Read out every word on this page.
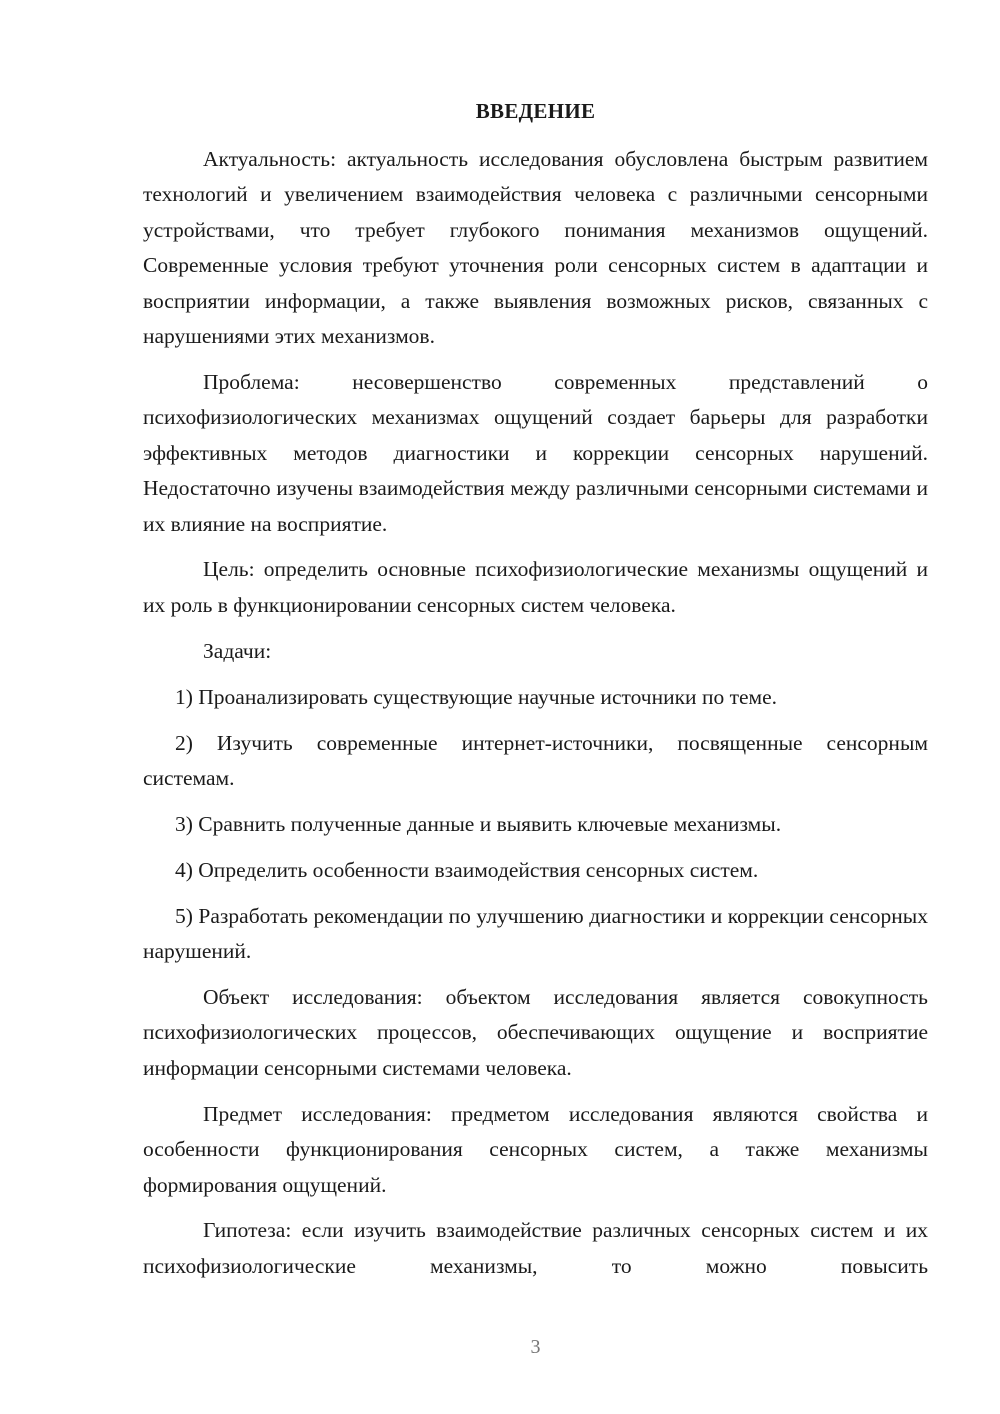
ВВЕДЕНИЕ

Актуальность: актуальность исследования обусловлена быстрым развитием технологий и увеличением взаимодействия человека с различными сенсорными устройствами, что требует глубокого понимания механизмов ощущений. Современные условия требуют уточнения роли сенсорных систем в адаптации и восприятии информации, а также выявления возможных рисков, связанных с нарушениями этих механизмов.

Проблема: несовершенство современных представлений о психофизиологических механизмах ощущений создает барьеры для разработки эффективных методов диагностики и коррекции сенсорных нарушений. Недостаточно изучены взаимодействия между различными сенсорными системами и их влияние на восприятие.

Цель: определить основные психофизиологические механизмы ощущений и их роль в функционировании сенсорных систем человека.

Задачи:

1) Проанализировать существующие научные источники по теме.

2) Изучить современные интернет-источники, посвященные сенсорным системам.

3) Сравнить полученные данные и выявить ключевые механизмы.

4) Определить особенности взаимодействия сенсорных систем.

5) Разработать рекомендации по улучшению диагностики и коррекции сенсорных нарушений.

Объект исследования: объектом исследования является совокупность психофизиологических процессов, обеспечивающих ощущение и восприятие информации сенсорными системами человека.

Предмет исследования: предметом исследования являются свойства и особенности функционирования сенсорных систем, а также механизмы формирования ощущений.

Гипотеза: если изучить взаимодействие различных сенсорных систем и их психофизиологические механизмы, то можно повысить

3
